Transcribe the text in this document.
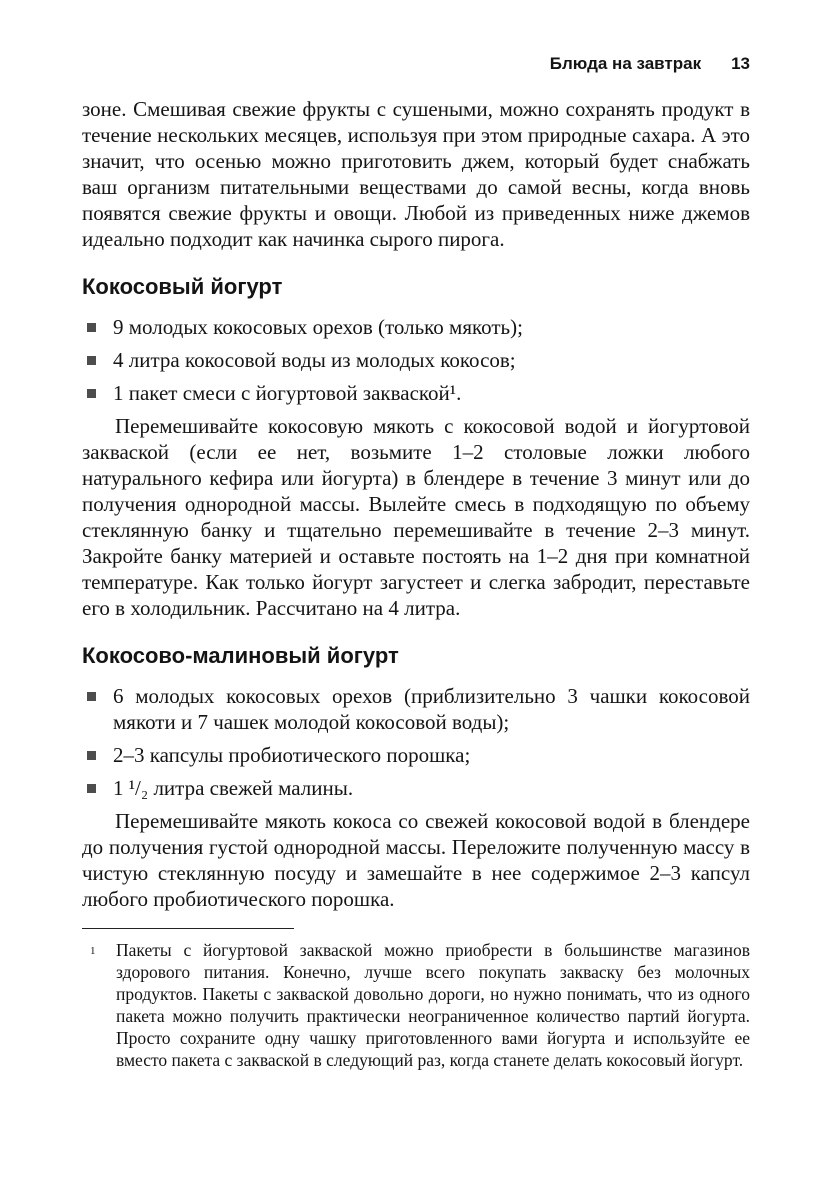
Блюда на завтрак 13

зоне. Смешивая свежие фрукты с сушеными, можно сохранять продукт в течение нескольких месяцев, используя при этом природные сахара. А это значит, что осенью можно приготовить джем, который будет снабжать ваш организм питательными веществами до самой весны, когда вновь появятся свежие фрукты и овощи. Любой из приведенных ниже джемов идеально подходит как начинка сырого пирога.

Кокосовый йогурт
9 молодых кокосовых орехов (только мякоть);
4 литра кокосовой воды из молодых кокосов;
1 пакет смеси с йогуртовой закваской¹.

Перемешивайте кокосовую мякоть с кокосовой водой и йогуртовой закваской (если ее нет, возьмите 1–2 столовые ложки любого натурального кефира или йогурта) в блендере в течение 3 минут или до получения однородной массы. Вылейте смесь в подходящую по объему стеклянную банку и тщательно перемешивайте в течение 2–3 минут. Закройте банку материей и оставьте постоять на 1–2 дня при комнатной температуре. Как только йогурт загустеет и слегка забродит, переставьте его в холодильник. Рассчитано на 4 литра.

Кокосово-малиновый йогурт
6 молодых кокосовых орехов (приблизительно 3 чашки кокосовой мякоти и 7 чашек молодой кокосовой воды);
2–3 капсулы пробиотического порошка;
1 ¹/₂ литра свежей малины.

Перемешивайте мякоть кокоса со свежей кокосовой водой в блендере до получения густой однородной массы. Переложите полученную массу в чистую стеклянную посуду и замешайте в нее содержимое 2–3 капсул любого пробиотического порошка.

1 Пакеты с йогуртовой закваской можно приобрести в большинстве магазинов здорового питания. Конечно, лучше всего покупать закваску без молочных продуктов. Пакеты с закваской довольно дороги, но нужно понимать, что из одного пакета можно получить практически неограниченное количество партий йогурта. Просто сохраните одну чашку приготовленного вами йогурта и используйте ее вместо пакета с закваской в следующий раз, когда станете делать кокосовый йогурт.
